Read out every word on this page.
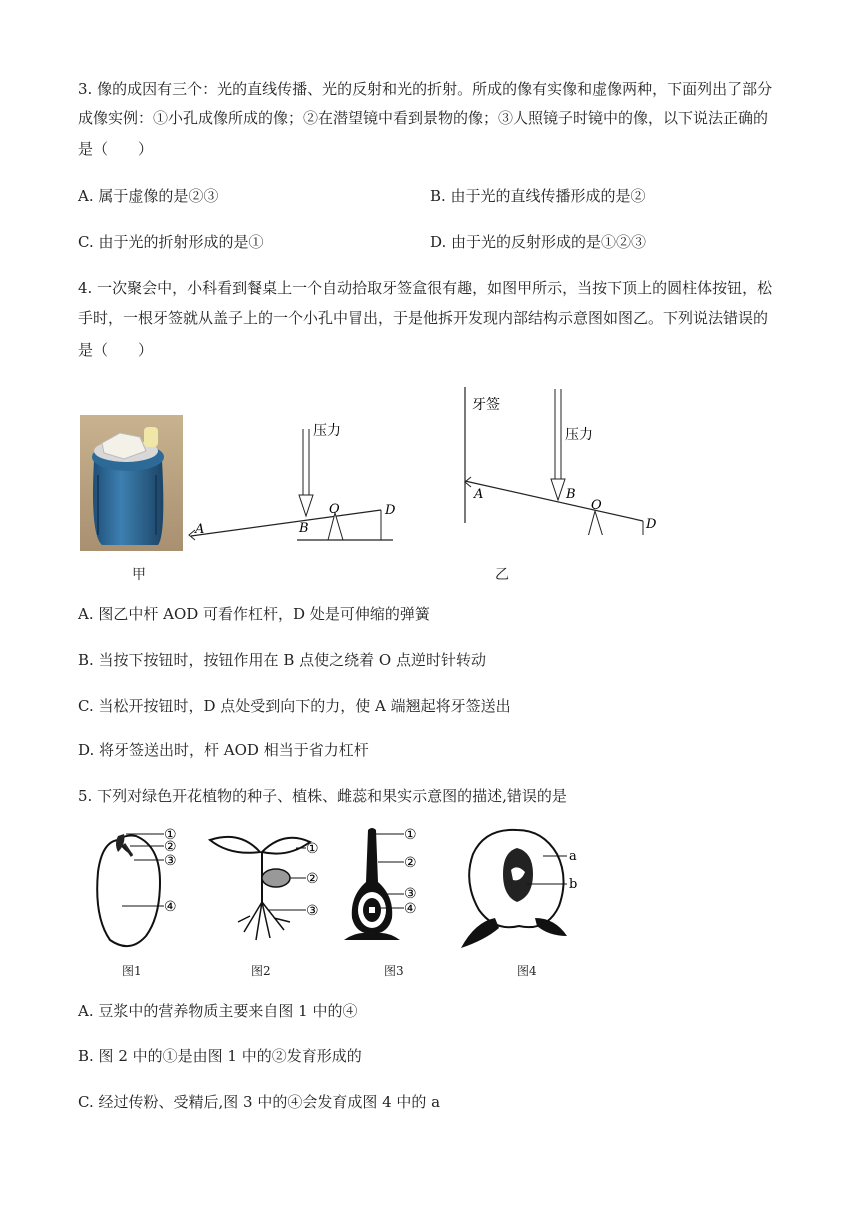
3. 像的成因有三个：光的直线传播、光的反射和光的折射。所成的像有实像和虚像两种，下面列出了部分
成像实例：①小孔成像所成的像；②在潜望镜中看到景物的像；③人照镜子时镜中的像，以下说法正确的
是（　　）
A. 属于虚像的是②③	B. 由于光的直线传播形成的是②
C. 由于光的折射形成的是①	D. 由于光的反射形成的是①②③
4. 一次聚会中，小科看到餐桌上一个自动拾取牙签盒很有趣，如图甲所示，当按下顶上的圆柱体按钮，松
手时，一根牙签就从盖子上的一个小孔中冒出，于是他拆开发现内部结构示意图如图乙。下列说法错误的
是（　　）
甲
压力
A	B
O	D
牙签
压力
A	B
O
D
乙
A. 图乙中杆 AOD 可看作杠杆，D 处是可伸缩的弹簧
B. 当按下按钮时，按钮作用在 B 点使之绕着 O 点逆时针转动
C. 当松开按钮时，D 点处受到向下的力，使 A 端翘起将牙签送出
D. 将牙签送出时，杆 AOD 相当于省力杠杆
5. 下列对绿色开花植物的种子、植株、雌蕊和果实示意图的描述,错误的是
①
②
③
④
图1
①
②
③
图2
①
②
③
④
图3
a
b
图4
A. 豆浆中的营养物质主要来自图 1 中的④
B. 图 2 中的①是由图 1 中的②发育形成的
C. 经过传粉、受精后,图 3 中的④会发育成图 4 中的 a
